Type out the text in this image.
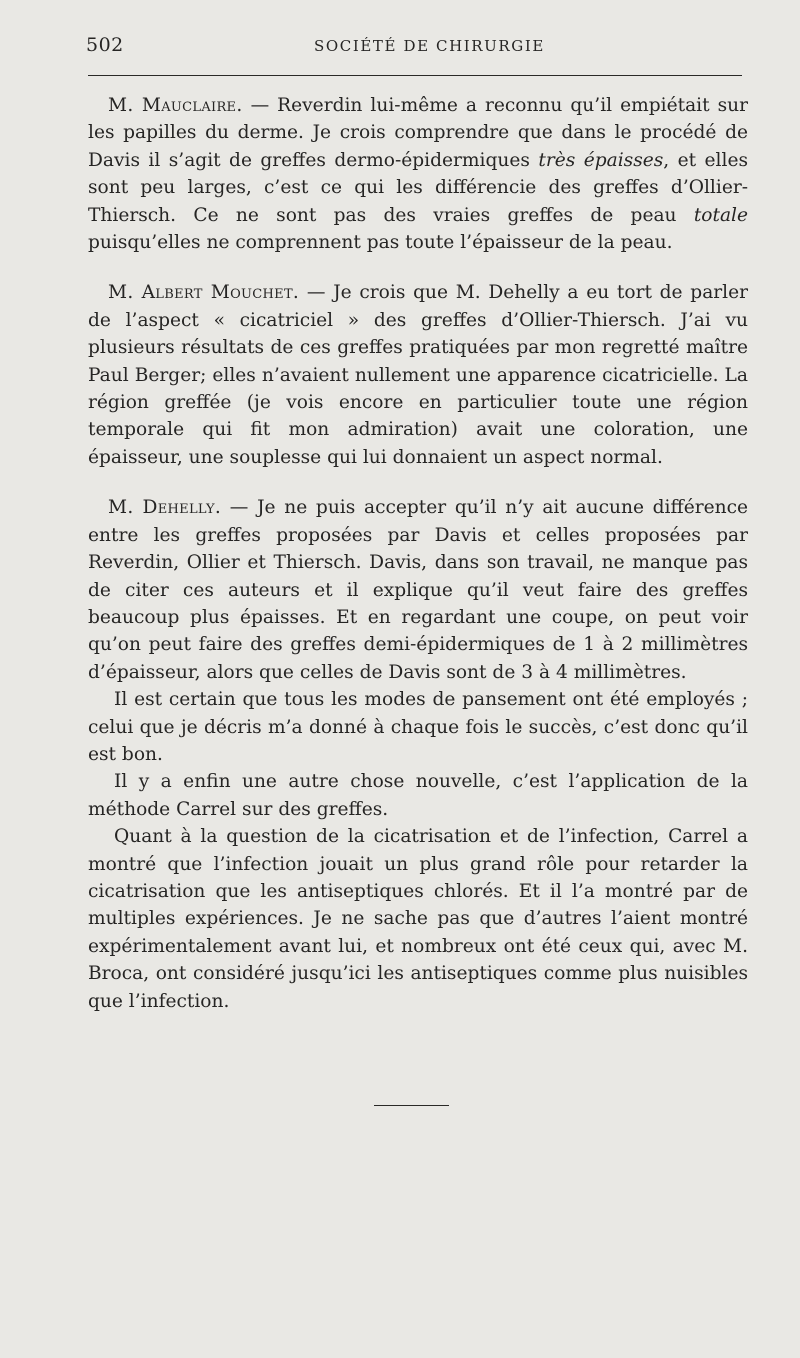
502	SOCIÉTÉ DE CHIRURGIE

M. Mauclaire. — Reverdin lui-même a reconnu qu’il empiétait sur les papilles du derme. Je crois comprendre que dans le procédé de Davis il s’agit de greffes dermo-épidermiques très épaisses, et elles sont peu larges, c’est ce qui les différencie des greffes d’Ollier-Thiersch. Ce ne sont pas des vraies greffes de peau totale puisqu’elles ne comprennent pas toute l’épaisseur de la peau.

M. Albert Mouchet. — Je crois que M. Dehelly a eu tort de parler de l’aspect « cicatriciel » des greffes d’Ollier-Thiersch. J’ai vu plusieurs résultats de ces greffes pratiquées par mon regretté maître Paul Berger; elles n’avaient nullement une apparence cicatricielle. La région greffée (je vois encore en particulier toute une région temporale qui fit mon admiration) avait une coloration, une épaisseur, une souplesse qui lui donnaient un aspect normal.

M. Dehelly. — Je ne puis accepter qu’il n’y ait aucune différence entre les greffes proposées par Davis et celles proposées par Reverdin, Ollier et Thiersch. Davis, dans son travail, ne manque pas de citer ces auteurs et il explique qu’il veut faire des greffes beaucoup plus épaisses. Et en regardant une coupe, on peut voir qu’on peut faire des greffes demi-épidermiques de 1 à 2 millimètres d’épaisseur, alors que celles de Davis sont de 3 à 4 millimètres.

Il est certain que tous les modes de pansement ont été employés ; celui que je décris m’a donné à chaque fois le succès, c’est donc qu’il est bon.

Il y a enfin une autre chose nouvelle, c’est l’application de la méthode Carrel sur des greffes.

Quant à la question de la cicatrisation et de l’infection, Carrel a montré que l’infection jouait un plus grand rôle pour retarder la cicatrisation que les antiseptiques chlorés. Et il l’a montré par de multiples expériences. Je ne sache pas que d’autres l’aient montré expérimentalement avant lui, et nombreux ont été ceux qui, avec M. Broca, ont considéré jusqu’ici les antiseptiques comme plus nuisibles que l’infection.
